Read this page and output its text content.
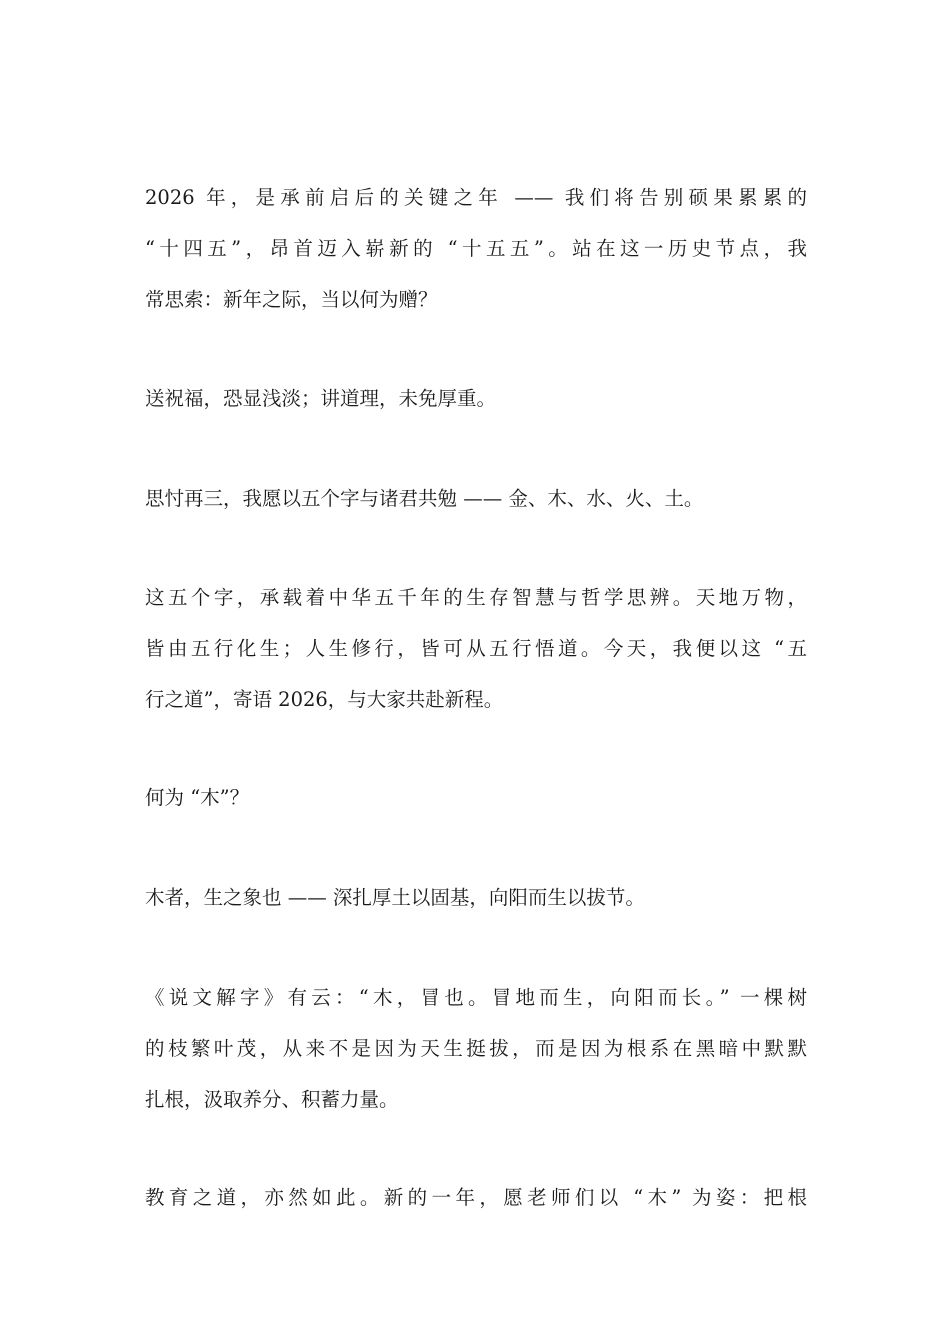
2026 年，是承前启后的关键之年 —— 我们将告别硕果累累的
“十四五”，昂首迈入崭新的 “十五五”。站在这一历史节点，我
常思索：新年之际，当以何为赠？
送祝福，恐显浅淡；讲道理，未免厚重。
思忖再三，我愿以五个字与诸君共勉 —— 金、木、水、火、土。
这五个字，承载着中华五千年的生存智慧与哲学思辨。天地万物，
皆由五行化生；人生修行，皆可从五行悟道。今天，我便以这 “五
行之道”，寄语 2026，与大家共赴新程。
何为 “木”？
木者，生之象也 —— 深扎厚土以固基，向阳而生以拔节。
《说文解字》有云：“木，冒也。冒地而生，向阳而长。” 一棵树
的枝繁叶茂，从来不是因为天生挺拔，而是因为根系在黑暗中默默
扎根，汲取养分、积蓄力量。
教育之道，亦然如此。新的一年，愿老师们以 “木” 为姿：把根
